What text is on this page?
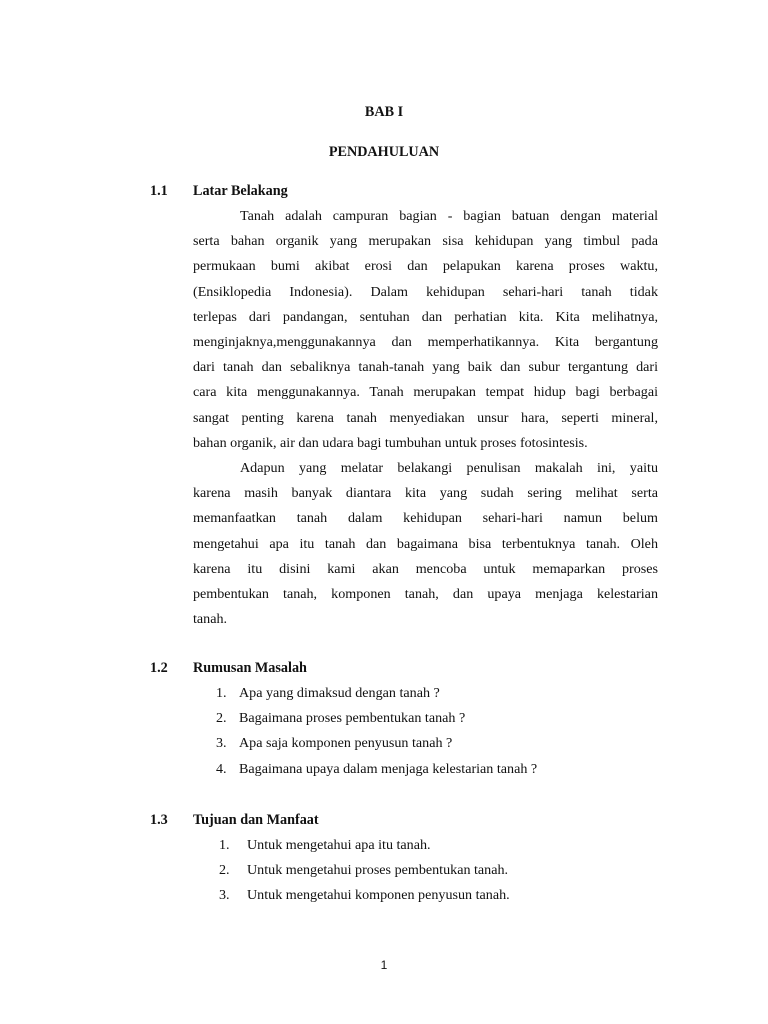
BAB I
PENDAHULUAN
1.1 Latar Belakang
Tanah adalah campuran bagian - bagian batuan dengan material
serta bahan organik yang merupakan sisa kehidupan yang timbul pada
permukaan bumi akibat erosi dan pelapukan karena proses waktu,
(Ensiklopedia Indonesia). Dalam kehidupan sehari-hari tanah tidak
terlepas dari pandangan, sentuhan dan perhatian kita. Kita melihatnya,
menginjaknya,menggunakannya dan memperhatikannya. Kita bergantung
dari tanah dan sebaliknya tanah-tanah yang baik dan subur tergantung dari
cara kita menggunakannya. Tanah merupakan tempat hidup bagi berbagai
sangat penting karena tanah menyediakan unsur hara, seperti mineral,
bahan organik, air dan udara bagi tumbuhan untuk proses fotosintesis.
Adapun yang melatar belakangi penulisan makalah ini, yaitu
karena masih banyak diantara kita yang sudah sering melihat serta
memanfaatkan tanah dalam kehidupan sehari-hari namun belum
mengetahui apa itu tanah dan bagaimana bisa terbentuknya tanah. Oleh
karena itu disini kami akan mencoba untuk memaparkan proses
pembentukan tanah, komponen tanah, dan upaya menjaga kelestarian
tanah.
1.2 Rumusan Masalah
1. Apa yang dimaksud dengan tanah ?
2. Bagaimana proses pembentukan tanah ?
3. Apa saja komponen penyusun tanah ?
4. Bagaimana upaya dalam menjaga kelestarian tanah ?
1.3 Tujuan dan Manfaat
1. Untuk mengetahui apa itu tanah.
2. Untuk mengetahui proses pembentukan tanah.
3. Untuk mengetahui komponen penyusun tanah.
1
